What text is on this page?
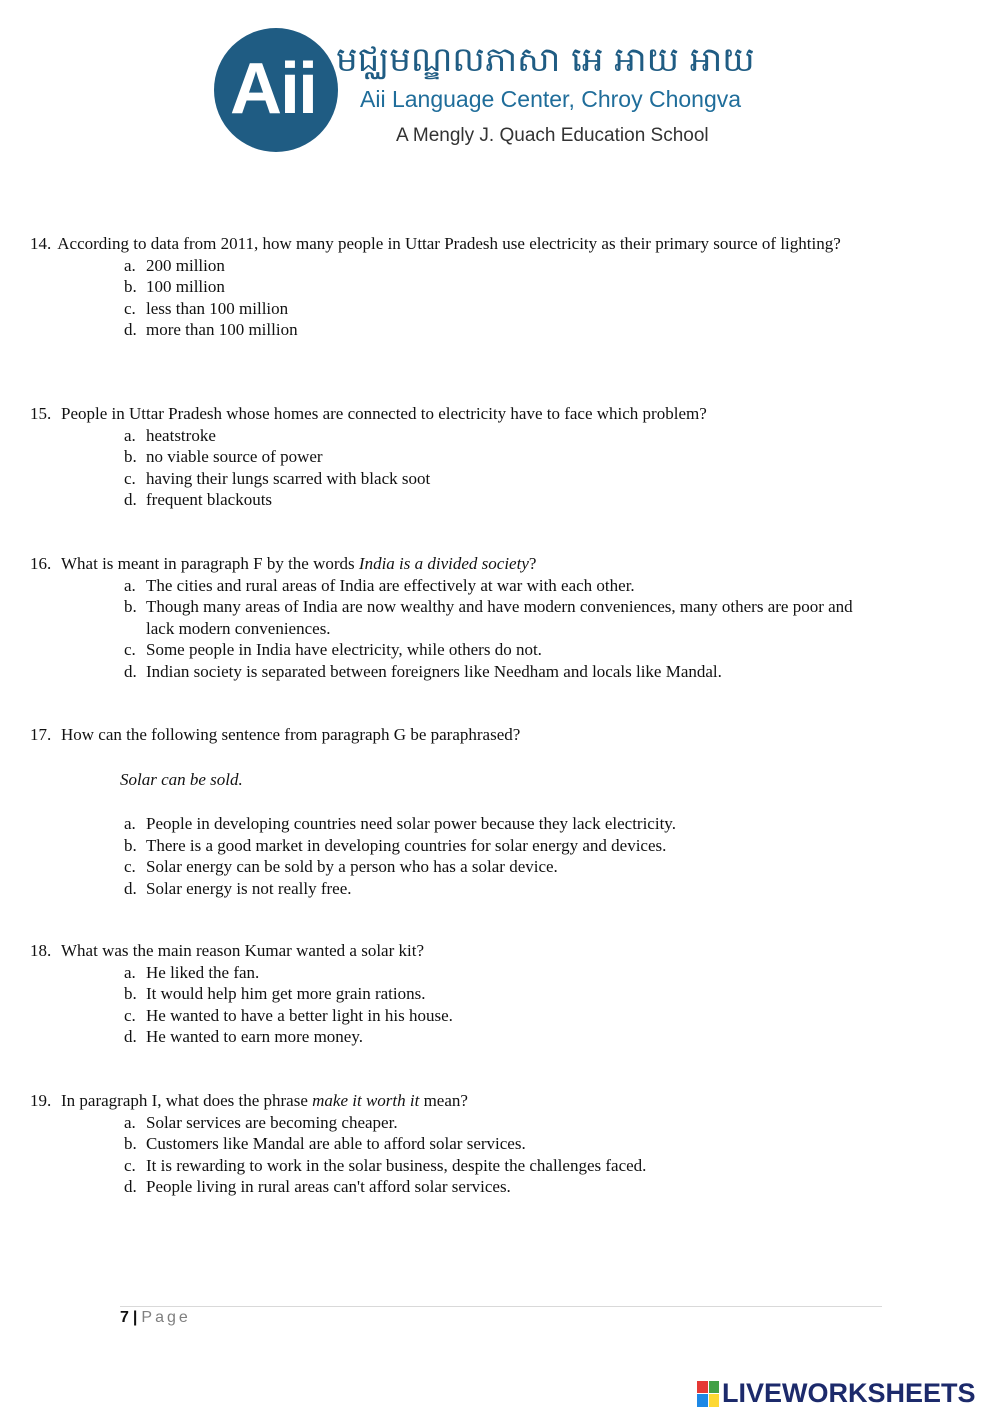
Aii មជ្ឈមណ្ឌលភាសា អេ អាយ អាយ
Aii Language Center, Chroy Chongva
A Mengly J. Quach Education School
14. According to data from 2011, how many people in Uttar Pradesh use electricity as their primary source of lighting?
a. 200 million
b. 100 million
c. less than 100 million
d. more than 100 million
15. People in Uttar Pradesh whose homes are connected to electricity have to face which problem?
a. heatstroke
b. no viable source of power
c. having their lungs scarred with black soot
d. frequent blackouts
16. What is meant in paragraph F by the words India is a divided society?
a. The cities and rural areas of India are effectively at war with each other.
b. Though many areas of India are now wealthy and have modern conveniences, many others are poor and lack modern conveniences.
c. Some people in India have electricity, while others do not.
d. Indian society is separated between foreigners like Needham and locals like Mandal.
17. How can the following sentence from paragraph G be paraphrased?
Solar can be sold.
a. People in developing countries need solar power because they lack electricity.
b. There is a good market in developing countries for solar energy and devices.
c. Solar energy can be sold by a person who has a solar device.
d. Solar energy is not really free.
18. What was the main reason Kumar wanted a solar kit?
a. He liked the fan.
b. It would help him get more grain rations.
c. He wanted to have a better light in his house.
d. He wanted to earn more money.
19. In paragraph I, what does the phrase make it worth it mean?
a. Solar services are becoming cheaper.
b. Customers like Mandal are able to afford solar services.
c. It is rewarding to work in the solar business, despite the challenges faced.
d. People living in rural areas can't afford solar services.
7 | Page
LIVEWORKSHEETS
